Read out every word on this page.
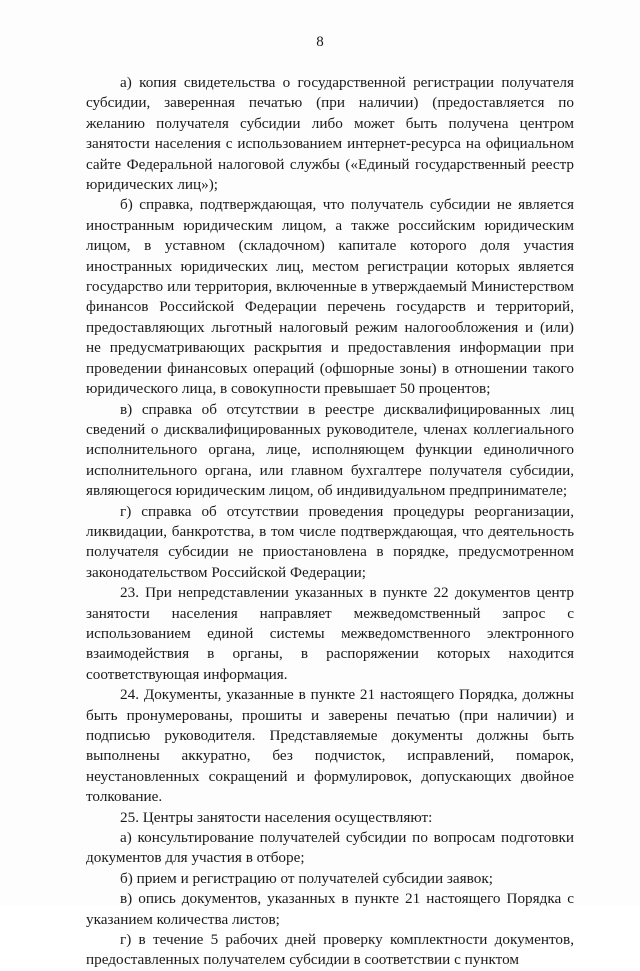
8

а) копия свидетельства о государственной регистрации получателя субсидии, заверенная печатью (при наличии) (предоставляется по желанию получателя субсидии либо может быть получена центром занятости населения с использованием интернет-ресурса на официальном сайте Федеральной налоговой службы («Единый государственный реестр юридических лиц»);

б) справка, подтверждающая, что получатель субсидии не является иностранным юридическим лицом, а также российским юридическим лицом, в уставном (складочном) капитале которого доля участия иностранных юридических лиц, местом регистрации которых является государство или территория, включенные в утверждаемый Министерством финансов Российской Федерации перечень государств и территорий, предоставляющих льготный налоговый режим налогообложения и (или) не предусматривающих раскрытия и предоставления информации при проведении финансовых операций (офшорные зоны) в отношении такого юридического лица, в совокупности превышает 50 процентов;

в) справка об отсутствии в реестре дисквалифицированных лиц сведений о дисквалифицированных руководителе, членах коллегиального исполнительного органа, лице, исполняющем функции единоличного исполнительного органа, или главном бухгалтере получателя субсидии, являющегося юридическим лицом, об индивидуальном предпринимателе;

г) справка об отсутствии проведения процедуры реорганизации, ликвидации, банкротства, в том числе подтверждающая, что деятельность получателя субсидии не приостановлена в порядке, предусмотренном законодательством Российской Федерации;

23. При непредставлении указанных в пункте 22 документов центр занятости населения направляет межведомственный запрос с использованием единой системы межведомственного электронного взаимодействия в органы, в распоряжении которых находится соответствующая информация.

24. Документы, указанные в пункте 21 настоящего Порядка, должны быть пронумерованы, прошиты и заверены печатью (при наличии) и подписью руководителя. Представляемые документы должны быть выполнены аккуратно, без подчисток, исправлений, помарок, неустановленных сокращений и формулировок, допускающих двойное толкование.

25. Центры занятости населения осуществляют:

а) консультирование получателей субсидии по вопросам подготовки документов для участия в отборе;

б) прием и регистрацию от получателей субсидии заявок;

в) опись документов, указанных в пункте 21 настоящего Порядка с указанием количества листов;

г) в течение 5 рабочих дней проверку комплектности документов, предоставленных получателем субсидии в соответствии с пунктом
